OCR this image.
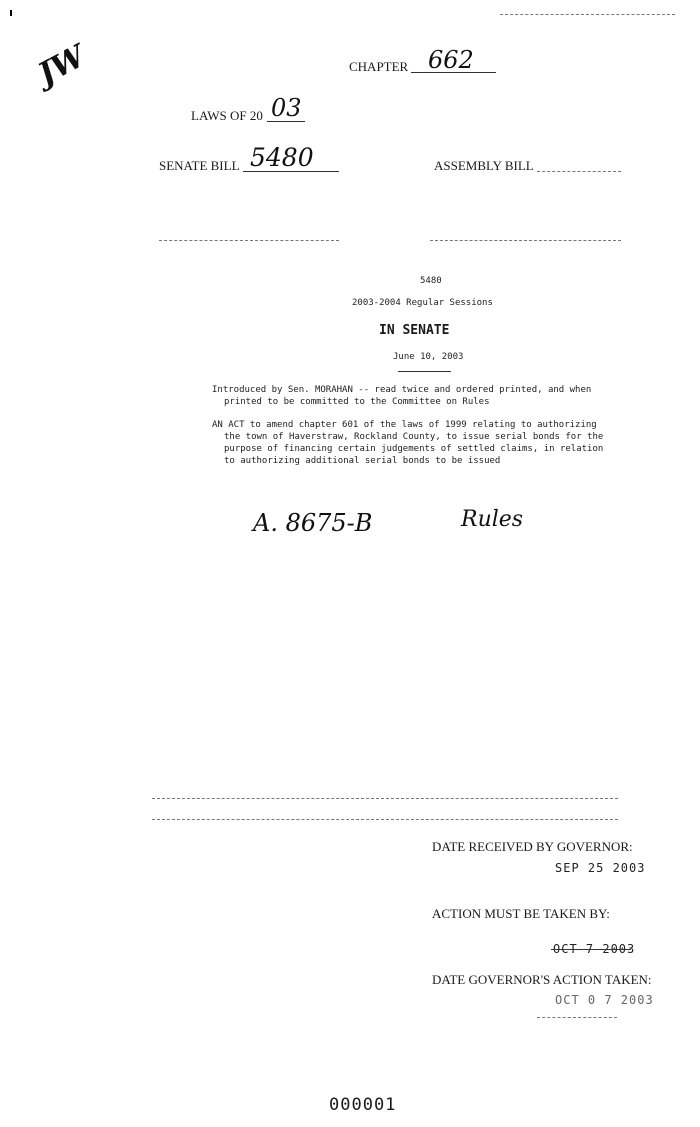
JW	CHAPTER 662
LAWS OF 20 03
SENATE BILL 5480	ASSEMBLY BILL
5480
2003-2004 Regular Sessions
IN SENATE
June 10, 2003
Introduced by Sen. MORAHAN -- read twice and ordered printed, and when
printed to be committed to the Committee on Rules
AN ACT to amend chapter 601 of the laws of 1999 relating to authorizing
the town of Haverstraw, Rockland County, to issue serial bonds for the
purpose of financing certain judgements of settled claims, in relation
to authorizing additional serial bonds to be issued
A. 8675-B	Rules
DATE RECEIVED BY GOVERNOR:
SEP 25 2003
ACTION MUST BE TAKEN BY:
OCT 7 2003
DATE GOVERNOR'S ACTION TAKEN:
OCT 0 7 2003
000001
